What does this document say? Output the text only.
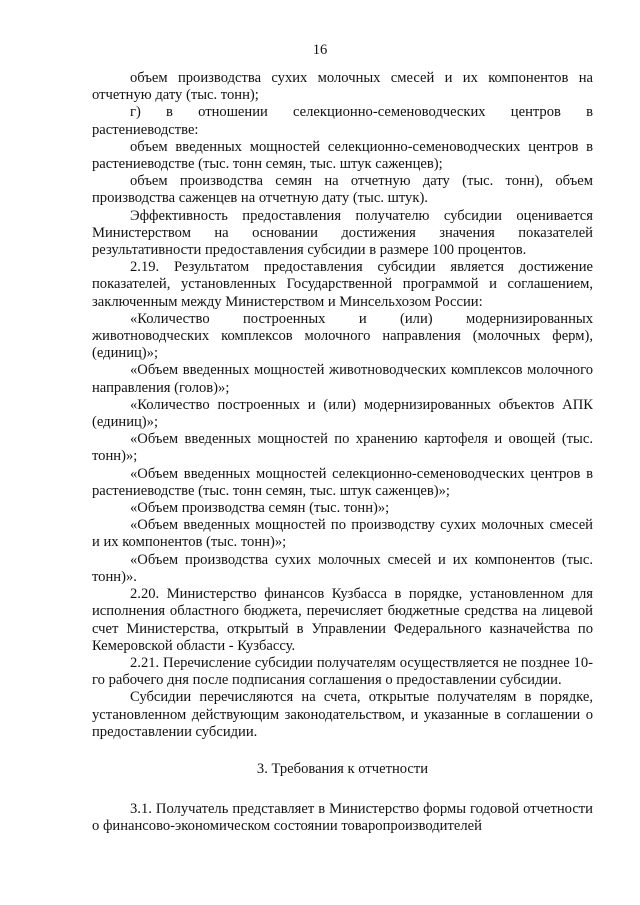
16

объем производства сухих молочных смесей и их компонентов на отчетную дату (тыс. тонн);

г) в отношении селекционно-семеноводческих центров в растениеводстве:

объем введенных мощностей селекционно-семеноводческих центров в растениеводстве (тыс. тонн семян, тыс. штук саженцев);

объем производства семян на отчетную дату (тыс. тонн), объем производства саженцев на отчетную дату (тыс. штук).

Эффективность предоставления получателю субсидии оценивается Министерством на основании достижения значения показателей результативности предоставления субсидии в размере 100 процентов.

2.19. Результатом предоставления субсидии является достижение показателей, установленных Государственной программой и соглашением, заключенным между Министерством и Минсельхозом России:

«Количество построенных и (или) модернизированных животноводческих комплексов молочного направления (молочных ферм), (единиц)»;

«Объем введенных мощностей животноводческих комплексов молочного направления (голов)»;

«Количество построенных и (или) модернизированных объектов АПК (единиц)»;

«Объем введенных мощностей по хранению картофеля и овощей (тыс. тонн)»;

«Объем введенных мощностей селекционно-семеноводческих центров в растениеводстве (тыс. тонн семян, тыс. штук саженцев)»;

«Объем производства семян (тыс. тонн)»;

«Объем введенных мощностей по производству сухих молочных смесей и их компонентов (тыс. тонн)»;

«Объем производства сухих молочных смесей и их компонентов (тыс. тонн)».

2.20. Министерство финансов Кузбасса в порядке, установленном для исполнения областного бюджета, перечисляет бюджетные средства на лицевой счет Министерства, открытый в Управлении Федерального казначейства по Кемеровской области - Кузбассу.

2.21. Перечисление субсидии получателям осуществляется не позднее 10-го рабочего дня после подписания соглашения о предоставлении субсидии.

Субсидии перечисляются на счета, открытые получателям в порядке, установленном действующим законодательством, и указанные в соглашении о предоставлении субсидии.

3. Требования к отчетности

3.1. Получатель представляет в Министерство формы годовой отчетности о финансово-экономическом состоянии товаропроизводителей
